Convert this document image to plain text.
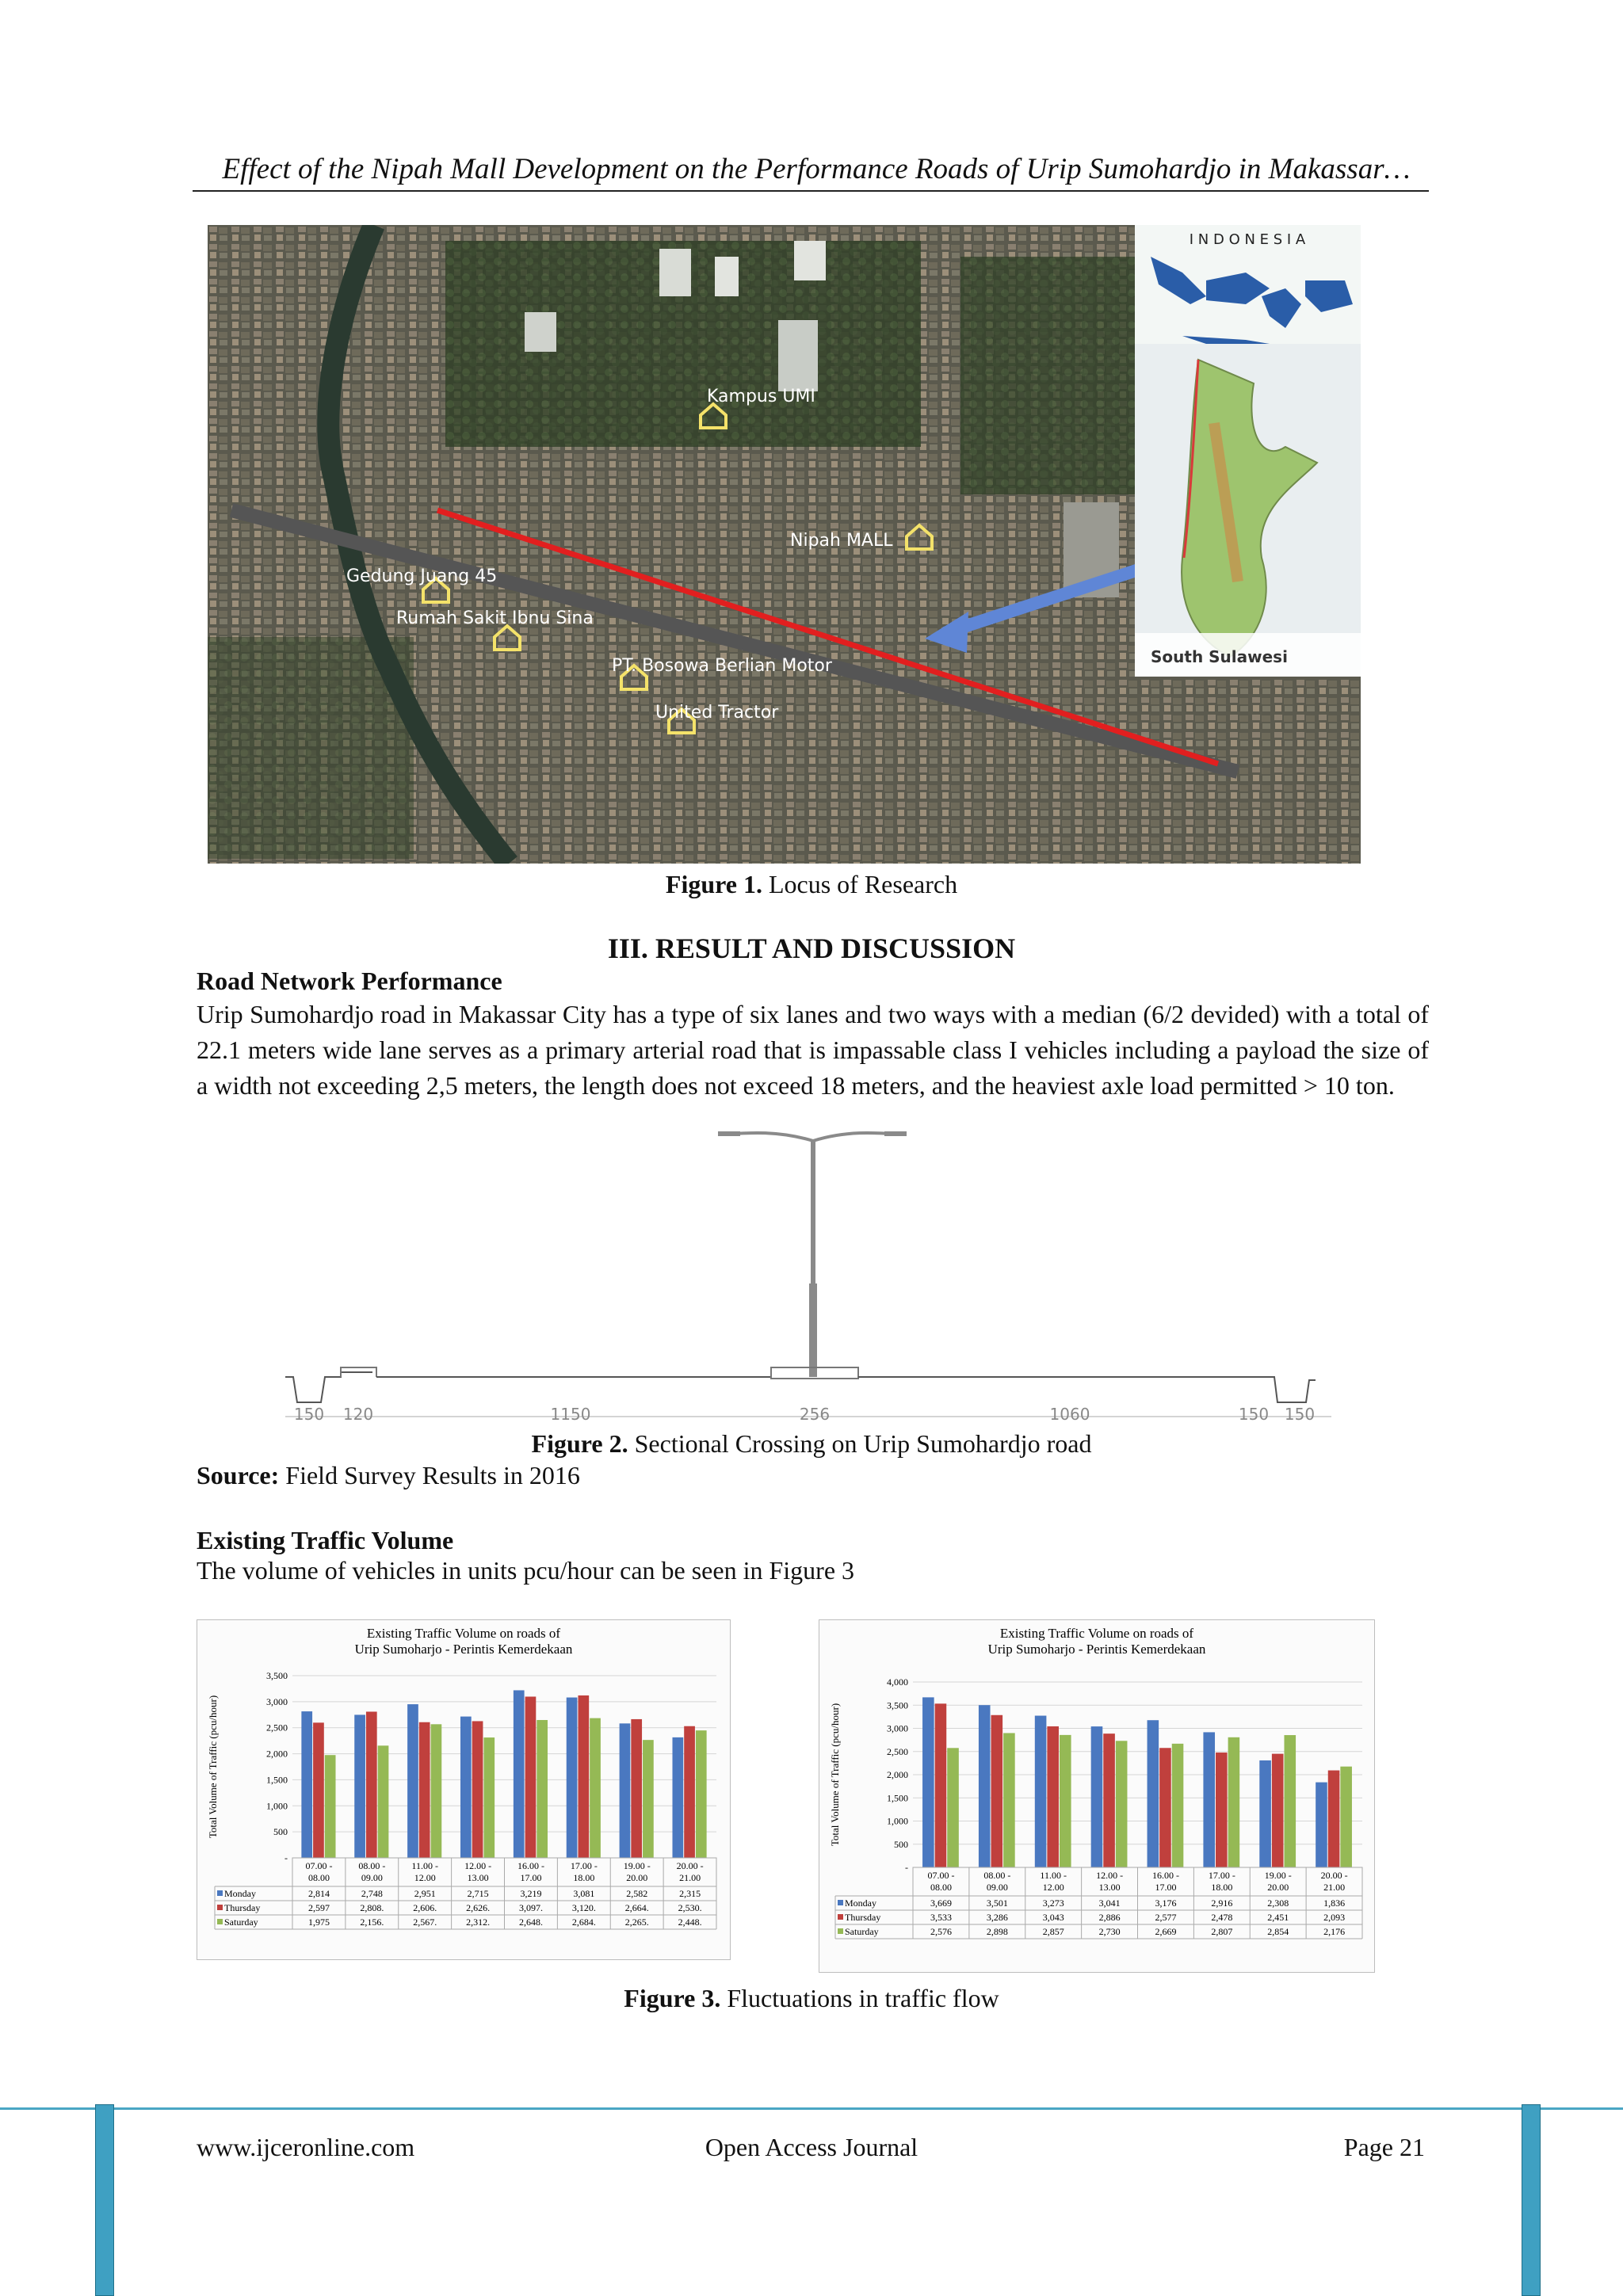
Effect of the Nipah Mall Development on the Performance Roads of Urip Sumohardjo in Makassar…
Kampus UMI
Nipah MALL
Gedung Juang 45
Rumah Sakit Ibnu Sina
PT. Bosowa Berlian Motor
United Tractor
I N D O N E S I A
South Sulawesi
Figure 1. Locus of Research
III. RESULT AND DISCUSSION
Road Network Performance
Urip Sumohardjo road in Makassar City has a type of six lanes and two ways with a median (6/2 devided) with a total of 22.1 meters wide lane serves as a primary arterial road that is impassable class I vehicles including a payload the size of a width not exceeding 2,5 meters, the length does not exceed 18 meters, and the heaviest axle load permitted > 10 ton.
150 120	1150	256	1060	150 150
Figure 2. Sectional Crossing on Urip Sumohardjo road
Source: Field Survey Results in 2016
Existing Traffic Volume
The volume of vehicles in units pcu/hour can be seen in Figure 3
Existing Traffic Volume on roads of
Urip Sumoharjo - Perintis Kemerdekaan
Total Volume of Traffic (pcu/hour)
-
500
1,000
1,500
2,000
2,500
3,000
3,500
07.00 -
08.00
08.00 -
09.00
11.00 -
12.00
12.00 -
13.00
16.00 -
17.00
17.00 -
18.00
19.00 -
20.00
20.00 -
21.00
Monday	2,814	2,748	2,951	2,715	3,219	3,081	2,582	2,315
Thursday	2,597	2,808.	2,606.	2,626.	3,097.	3,120.	2,664.	2,530.
Saturday	1,975	2,156.	2,567.	2,312.	2,648.	2,684.	2,265.	2,448.
Existing Traffic Volume on roads of
Urip Sumoharjo - Perintis Kemerdekaan
Total Volume of Traffic (pcu/hour)
-
500
1,000
1,500
2,000
2,500
3,000
3,500
4,000
07.00 -
08.00
08.00 -
09.00
11.00 -
12.00
12.00 -
13.00
16.00 -
17.00
17.00 -
18.00
19.00 -
20.00
20.00 -
21.00
Monday	3,669	3,501	3,273	3,041	3,176	2,916	2,308	1,836
Thursday	3,533	3,286	3,043	2,886	2,577	2,478	2,451	2,093
Saturday	2,576	2,898	2,857	2,730	2,669	2,807	2,854	2,176
Figure 3. Fluctuations in traffic flow
www.ijceronline.com	Open Access Journal	Page 21
